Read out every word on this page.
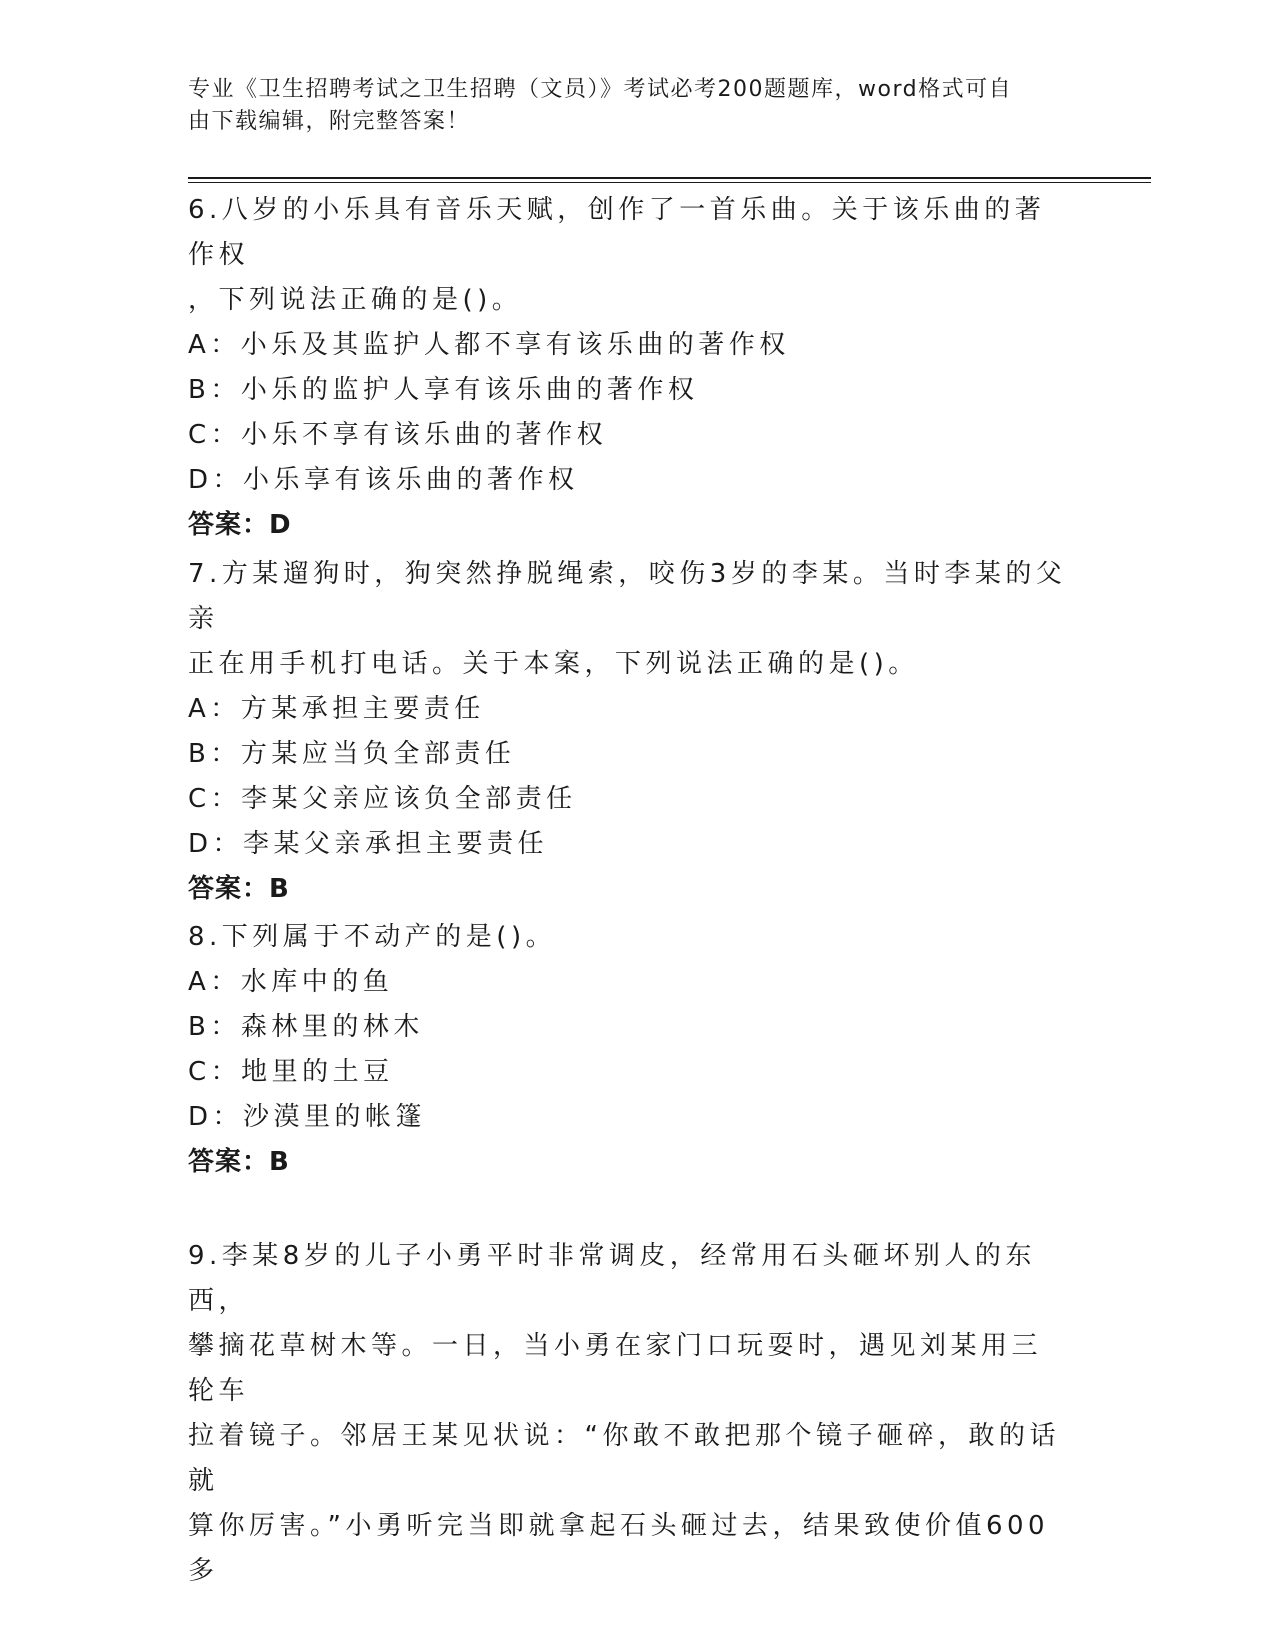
专业《卫生招聘考试之卫生招聘（文员）》考试必考200题题库，word格式可自
由下载编辑，附完整答案！

6.八岁的小乐具有音乐天赋，创作了一首乐曲。关于该乐曲的著作权

，下列说法正确的是()。

A：小乐及其监护人都不享有该乐曲的著作权

B：小乐的监护人享有该乐曲的著作权

C：小乐不享有该乐曲的著作权

D：小乐享有该乐曲的著作权

答案：D

7.方某遛狗时，狗突然挣脱绳索，咬伤3岁的李某。当时李某的父亲

正在用手机打电话。关于本案，下列说法正确的是()。

A：方某承担主要责任

B：方某应当负全部责任

C：李某父亲应该负全部责任

D：李某父亲承担主要责任

答案：B

8.下列属于不动产的是()。

A：水库中的鱼

B：森林里的林木

C：地里的土豆

D：沙漠里的帐篷

答案：B

9.李某8岁的儿子小勇平时非常调皮，经常用石头砸坏别人的东西，

攀摘花草树木等。一日，当小勇在家门口玩耍时，遇见刘某用三轮车

拉着镜子。邻居王某见状说：“你敢不敢把那个镜子砸碎，敢的话就

算你厉害。”小勇听完当即就拿起石头砸过去，结果致使价值600多
